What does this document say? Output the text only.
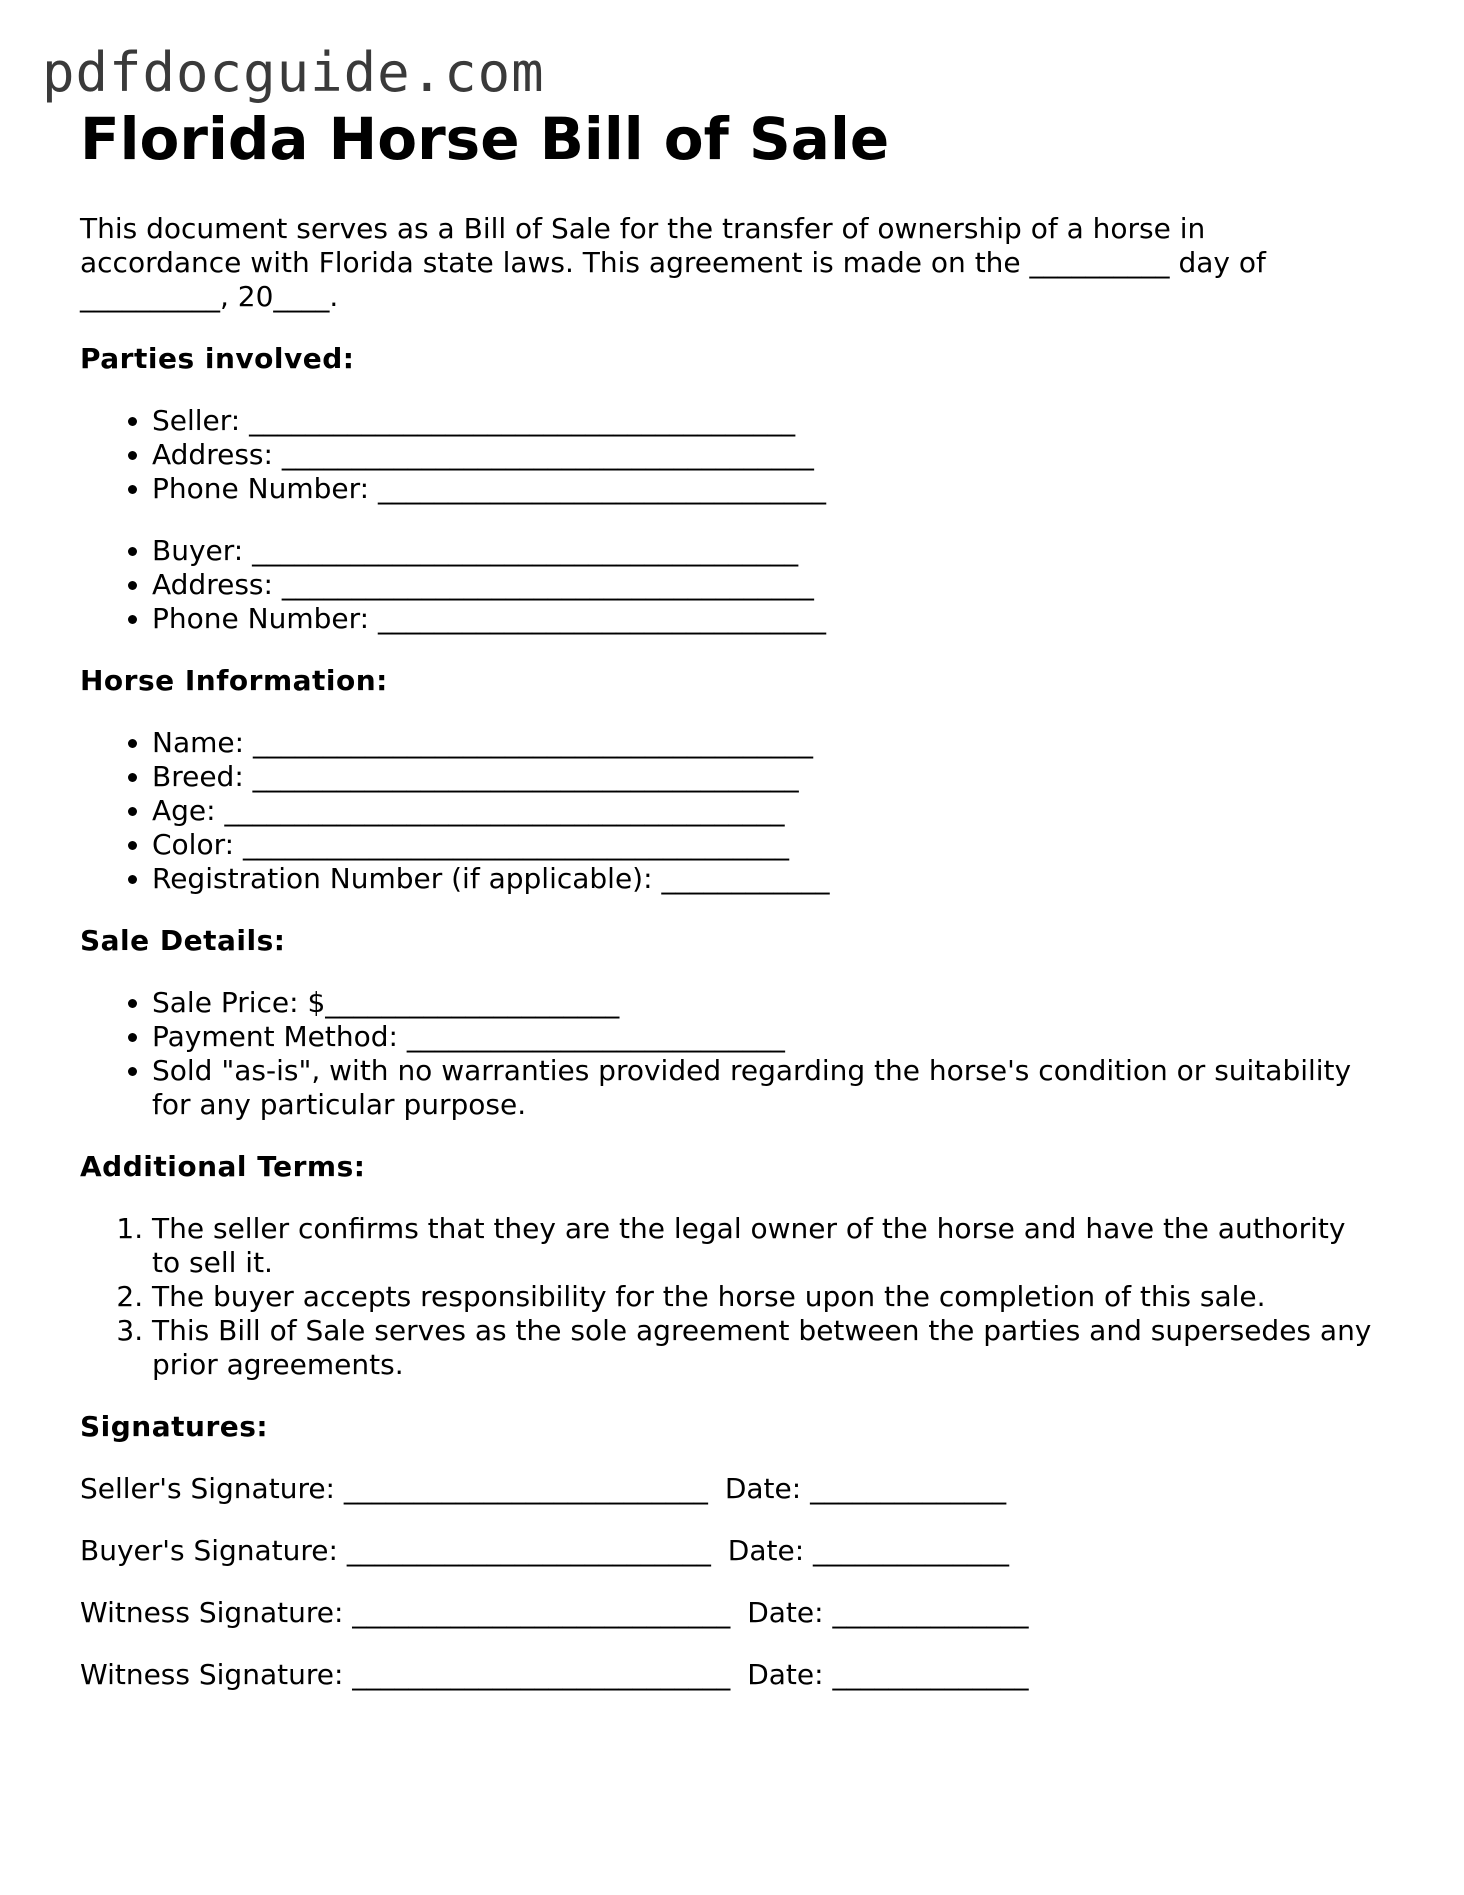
pdfdocguide.com
Florida Horse Bill of Sale

This document serves as a Bill of Sale for the transfer of ownership of a horse in accordance with Florida state laws. This agreement is made on the __________ day of __________, 20____.

Parties involved:
• Seller: _______________________________________
• Address: ______________________________________
• Phone Number: ________________________________
• Buyer: _______________________________________
• Address: ______________________________________
• Phone Number: ________________________________
Horse Information:
• Name: ________________________________________
• Breed: _______________________________________
• Age: ________________________________________
• Color: _______________________________________
• Registration Number (if applicable): ____________
Sale Details:
• Sale Price: $_____________________
• Payment Method: ___________________________
• Sold "as-is", with no warranties provided regarding the horse's condition or suitability for any particular purpose.
Additional Terms:
1. The seller confirms that they are the legal owner of the horse and have the authority to sell it.
2. The buyer accepts responsibility for the horse upon the completion of this sale.
3. This Bill of Sale serves as the sole agreement between the parties and supersedes any prior agreements.
Signatures:
Seller's Signature: __________________________ Date: ______________
Buyer's Signature: __________________________ Date: ______________
Witness Signature: ___________________________ Date: ______________
Witness Signature: ___________________________ Date: ______________
